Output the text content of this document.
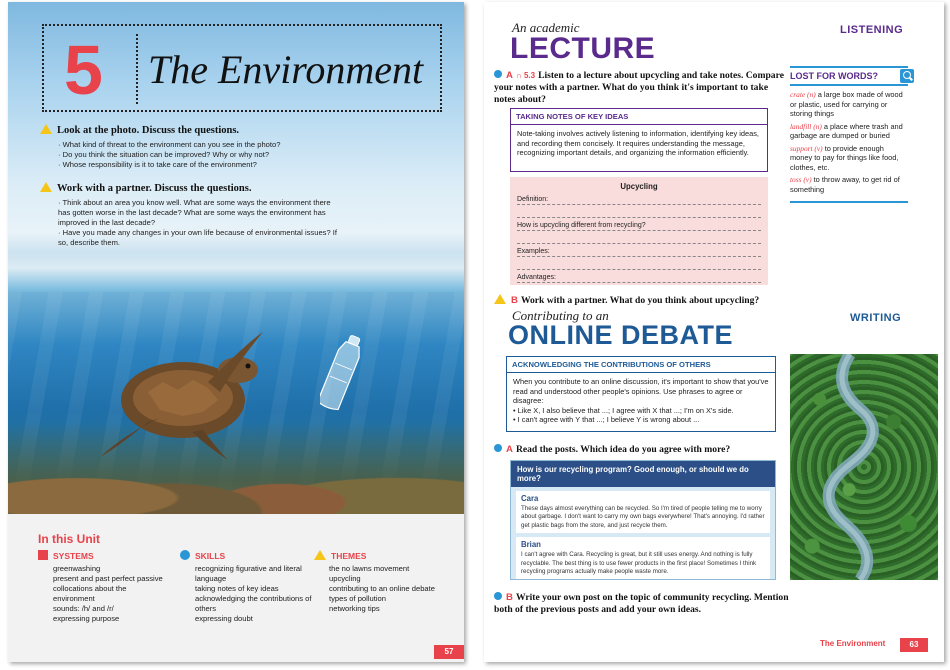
5 The Environment
Look at the photo. Discuss the questions.
· What kind of threat to the environment can you see in the photo?
· Do you think the situation can be improved? Why or why not?
· Whose responsibility is it to take care of the environment?
Work with a partner. Discuss the questions.
· Think about an area you know well. What are some ways the environment there has gotten worse in the last decade? What are some ways the environment has improved in the last decade?
· Have you made any changes in your own life because of environmental issues? If so, describe them.
In this Unit
SYSTEMS
greenwashing
present and past perfect passive
collocations about the environment
sounds: /h/ and /r/
expressing purpose
SKILLS
recognizing figurative and literal language
taking notes of key ideas
acknowledging the contributions of others
expressing doubt
THEMES
the no lawns movement
upcycling
contributing to an online debate
types of pollution
networking tips
57
An academic
LECTURE
LISTENING
A ∩ 5.3 Listen to a lecture about upcycling and take notes. Compare your notes with a partner. What do you think it's important to take notes about?
TAKING NOTES OF KEY IDEAS
Note-taking involves actively listening to information, identifying key ideas, and recording them concisely. It requires understanding the message, recognizing important details, and organizing the information efficiently.
Upcycling
Definition:
How is upcycling different from recycling?
Examples:
Advantages:
B Work with a partner. What do you think about upcycling?
LOST FOR WORDS?

crate (n) a large box made of wood or plastic, used for carrying or storing things

landfill (n) a place where trash and garbage are dumped or buried

support (v) to provide enough money to pay for things like food, clothes, etc.

toss (v) to throw away, to get rid of something

Contributing to an
ONLINE DEBATE
WRITING
ACKNOWLEDGING THE CONTRIBUTIONS OF OTHERS
When you contribute to an online discussion, it's important to show that you've read and understood other people's opinions. Use phrases to agree or disagree:
• Like X, I also believe that ...; I agree with X that ...; I'm on X's side.
• I can't agree with Y that ...; I believe Y is wrong about ...
A Read the posts. Which idea do you agree with more?
How is our recycling program? Good enough, or should we do more?
Cara
These days almost everything can be recycled. So I'm tired of people telling me to worry about garbage. I don't want to carry my own bags everywhere! That's annoying. I'd rather get plastic bags from the store, and just recycle them.
Brian
I can't agree with Cara. Recycling is great, but it still uses energy. And nothing is fully recyclable. The best thing is to use fewer products in the first place! Sometimes I think recycling programs actually make people waste more.
B Write your own post on the topic of community recycling. Mention both of the previous posts and add your own ideas.
The Environment	63
